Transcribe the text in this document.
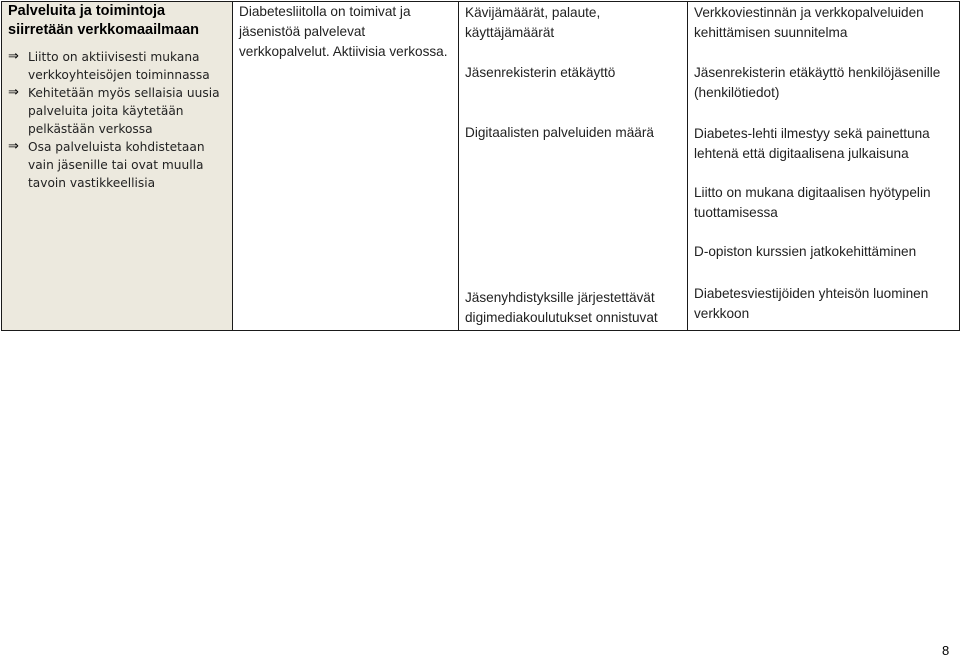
Palveluita ja toimintoja siirretään verkkomaailmaan
⇒ Liitto on aktiivisesti mukana verkkoyhteisöjen toiminnassa
⇒ Kehitetään myös sellaisia uusia palveluita joita käytetään pelkästään verkossa
⇒ Osa palveluista kohdistetaan vain jäsenille tai ovat muulla tavoin vastikkeellisia

Diabetesliitolla on toimivat ja jäsenistöä palvelevat verkkopalvelut. Aktiivisia verkossa.

Kävijämäärät, palaute, käyttäjämäärät
Jäsenrekisterin etäkäyttö
Digitaalisten palveluiden määrä
Jäsenyhdistyksille järjestettävät digimediakoulutukset onnistuvat

Verkkoviestinnän ja verkkopalveluiden kehittämisen suunnitelma
Jäsenrekisterin etäkäyttö henkilöjäsenille (henkilötiedot)
Diabetes-lehti ilmestyy sekä painettuna lehtenä että digitaalisena julkaisuna
Liitto on mukana digitaalisen hyötypelin tuottamisessa
D-opiston kurssien jatkokehittäminen
Diabetesviestijöiden yhteisön luominen verkkoon
8
